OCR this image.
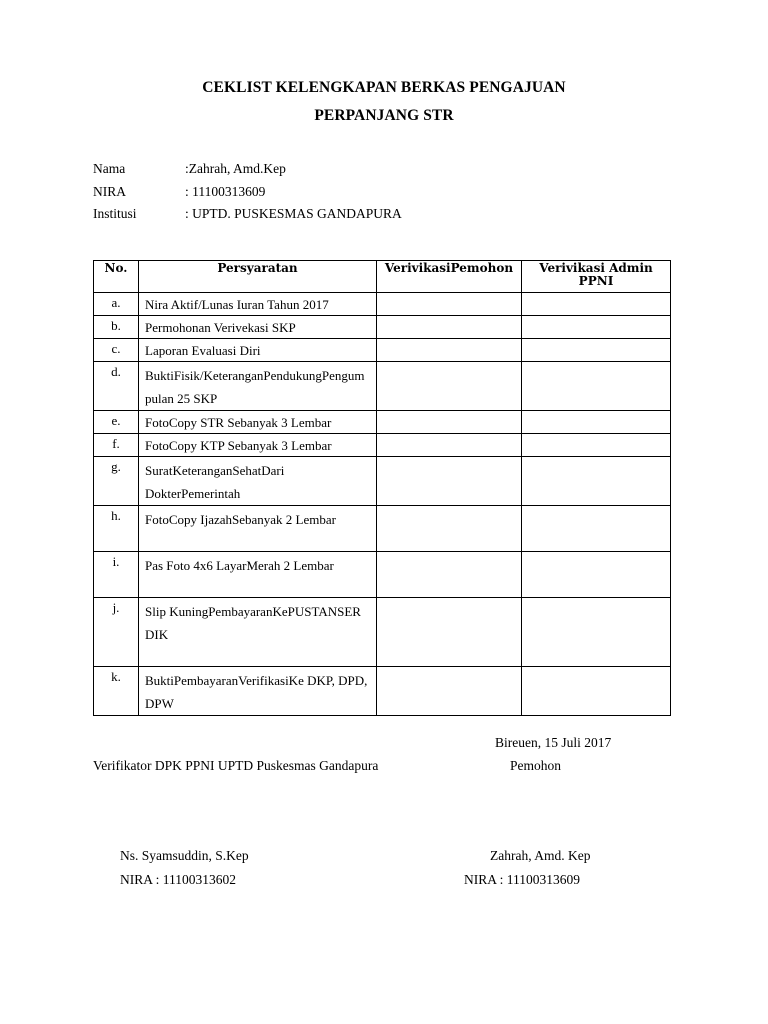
CEKLIST KELENGKAPAN BERKAS PENGAJUAN
PERPANJANG STR
Nama	:Zahrah, Amd.Kep
NIRA	: 11100313609
Institusi	: UPTD. PUSKESMAS GANDAPURA
No.	Persyaratan	VerivikasiPemohon	Verivikasi Admin PPNI
a.	Nira Aktif/Lunas Iuran Tahun 2017		
b.	Permohonan Verivekasi SKP		
c.	Laporan Evaluasi Diri		
d.	BuktiFisik/KeteranganPendukungPengumpulan 25 SKP		
e.	FotoCopy STR Sebanyak 3 Lembar		
f.	FotoCopy KTP Sebanyak 3 Lembar		
g.	SuratKeteranganSehatDari DokterPemerintah		
h.	FotoCopy IjazahSebanyak 2 Lembar		
i.	Pas Foto 4x6 LayarMerah 2 Lembar		
j.	Slip KuningPembayaranKePUSTANSERDIK		
k.	BuktiPembayaranVerifikasiKe DKP, DPD, DPW		
Bireuen, 15 Juli 2017
Verifikator DPK PPNI UPTD Puskesmas Gandapura	Pemohon
Ns. Syamsuddin, S.Kep
NIRA : 11100313602
Zahrah, Amd. Kep
NIRA : 11100313609
